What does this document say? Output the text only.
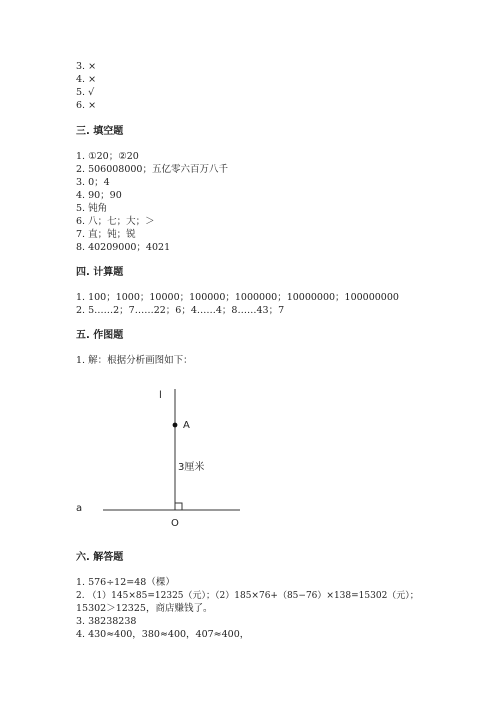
3. ×
4. ×
5. √
6. ×
三. 填空题
1. ①20；②20
2. 506008000；五亿零六百万八千
3. 0；4
4. 90；90
5. 钝角
6. 八；七；大；＞
7. 直；钝；锐
8. 40209000；4021
四. 计算题
1. 100；1000；10000；100000；1000000；10000000；100000000
2. 5……2；7……22；6；4……4；8……43；7
五. 作图题
1. 解：根据分析画图如下：
l
A
3厘米
a
O
六. 解答题
1. 576÷12=48（棵）
2. （1）145×85=12325（元）；（2）185×76+（85−76）×138=15302（元）；
15302＞12325，商店赚钱了。
3. 38238238
4. 430≈400，380≈400，407≈400，
